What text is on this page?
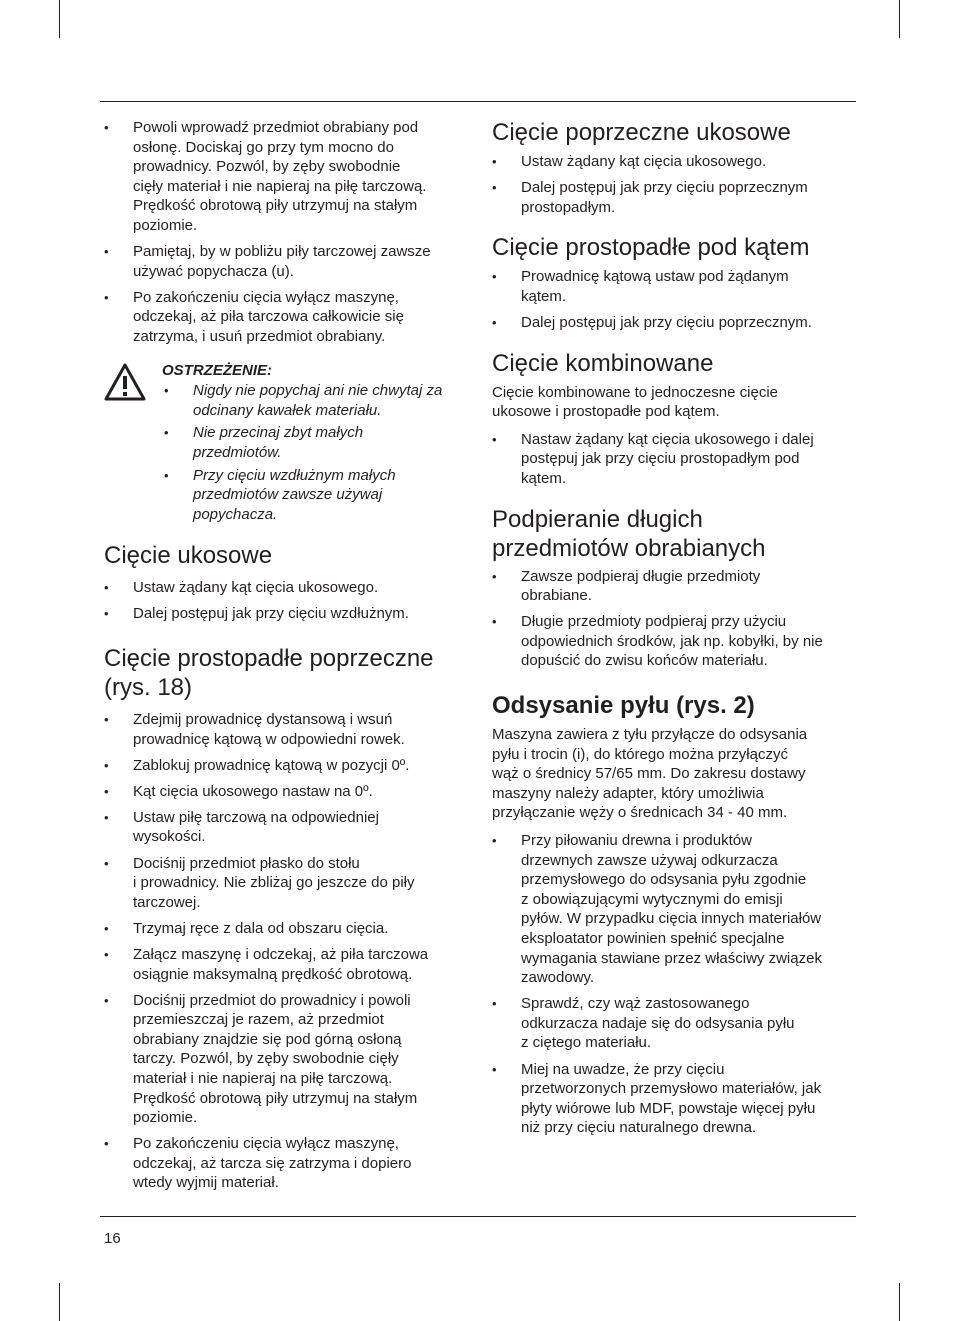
• Powoli wprowadź przedmiot obrabiany pod
osłonę. Dociskaj go przy tym mocno do
prowadnicy. Pozwól, by zęby swobodnie
cięły materiał i nie napieraj na piłę tarczową.
Prędkość obrotową piły utrzymuj na stałym
poziomie.
• Pamiętaj, by w pobliżu piły tarczowej zawsze
używać popychacza (u).
• Po zakończeniu cięcia wyłącz maszynę,
odczekaj, aż piła tarczowa całkowicie się
zatrzyma, i usuń przedmiot obrabiany.
OSTRZEŻENIE:
• Nigdy nie popychaj ani nie chwytaj za
odcinany kawałek materiału.
• Nie przecinaj zbyt małych
przedmiotów.
• Przy cięciu wzdłużnym małych
przedmiotów zawsze używaj
popychacza.
Cięcie ukosowe
• Ustaw żądany kąt cięcia ukosowego.
• Dalej postępuj jak przy cięciu wzdłużnym.
Cięcie prostopadłe poprzeczne
(rys. 18)
• Zdejmij prowadnicę dystansową i wsuń
prowadnicę kątową w odpowiedni rowek.
• Zablokuj prowadnicę kątową w pozycji 0º.
• Kąt cięcia ukosowego nastaw na 0º.
• Ustaw piłę tarczową na odpowiedniej
wysokości.
• Dociśnij przedmiot płasko do stołu
i prowadnicy. Nie zbliżaj go jeszcze do piły
tarczowej.
• Trzymaj ręce z dala od obszaru cięcia.
• Załącz maszynę i odczekaj, aż piła tarczowa
osiągnie maksymalną prędkość obrotową.
• Dociśnij przedmiot do prowadnicy i powoli
przemieszczaj je razem, aż przedmiot
obrabiany znajdzie się pod górną osłoną
tarczy. Pozwól, by zęby swobodnie cięły
materiał i nie napieraj na piłę tarczową.
Prędkość obrotową piły utrzymuj na stałym
poziomie.
• Po zakończeniu cięcia wyłącz maszynę,
odczekaj, aż tarcza się zatrzyma i dopiero
wtedy wyjmij materiał.
Cięcie poprzeczne ukosowe
• Ustaw żądany kąt cięcia ukosowego.
• Dalej postępuj jak przy cięciu poprzecznym
prostopadłym.
Cięcie prostopadłe pod kątem
• Prowadnicę kątową ustaw pod żądanym
kątem.
• Dalej postępuj jak przy cięciu poprzecznym.
Cięcie kombinowane

Cięcie kombinowane to jednoczesne cięcie
ukosowe i prostopadłe pod kątem.

• Nastaw żądany kąt cięcia ukosowego i dalej
postępuj jak przy cięciu prostopadłym pod
kątem.
Podpieranie długich
przedmiotów obrabianych
• Zawsze podpieraj długie przedmioty
obrabiane.
• Długie przedmioty podpieraj przy użyciu
odpowiednich środków, jak np. kobyłki, by nie
dopuścić do zwisu końców materiału.
Odsysanie pyłu (rys. 2)

Maszyna zawiera z tyłu przyłącze do odsysania
pyłu i trocin (i), do którego można przyłączyć
wąż o średnicy 57/65 mm. Do zakresu dostawy
maszyny należy adapter, który umożliwia
przyłączanie węży o średnicach 34 - 40 mm.

• Przy piłowaniu drewna i produktów
drzewnych zawsze używaj odkurzacza
przemysłowego do odsysania pyłu zgodnie
z obowiązującymi wytycznymi do emisji
pyłów. W przypadku cięcia innych materiałów
eksploatator powinien spełnić specjalne
wymagania stawiane przez właściwy związek
zawodowy.
• Sprawdź, czy wąż zastosowanego
odkurzacza nadaje się do odsysania pyłu
z ciętego materiału.
• Miej na uwadze, że przy cięciu
przetworzonych przemysłowo materiałów, jak
płyty wiórowe lub MDF, powstaje więcej pyłu
niż przy cięciu naturalnego drewna.
16
